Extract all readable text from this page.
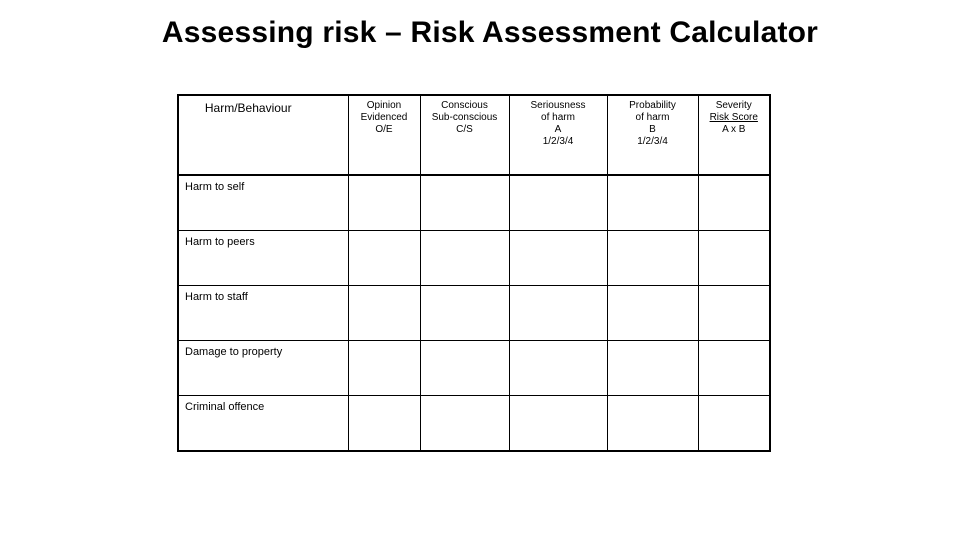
Assessing risk – Risk Assessment Calculator
Harm/Behaviour	Opinion
Evidenced
O/E	Conscious
Sub-conscious
C/S	Seriousness
of harm
A
1/2/3/4	Probability
of harm
B
1/2/3/4	Severity
Risk Score
A x B

Harm to self					

Harm to peers					

Harm to staff					

Damage to property					

Criminal offence					
